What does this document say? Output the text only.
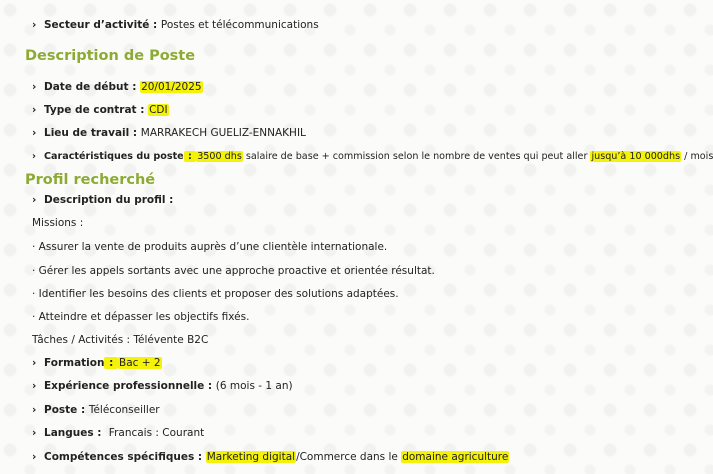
› Secteur d’activité : Postes et télécommunications
Description de Poste
› Date de début : 20/01/2025
› Type de contrat : CDI
› Lieu de travail : MARRAKECH GUELIZ-ENNAKHIL
› Caractéristiques du poste : 3500 dhs salaire de base + commission selon le nombre de ventes qui peut aller jusqu’à 10 000dhs / mois
Profil recherché
› Description du profil :
Missions :
· Assurer la vente de produits auprès d’une clientèle internationale.
· Gérer les appels sortants avec une approche proactive et orientée résultat.
· Identifier les besoins des clients et proposer des solutions adaptées.
· Atteindre et dépasser les objectifs fixés.
Tâches / Activités : Télévente B2C
› Formation : Bac + 2
› Expérience professionnelle : (6 mois - 1 an)
› Poste : Téléconseiller
› Langues :  Francais : Courant
› Compétences spécifiques : Marketing digital/Commerce dans le domaine agriculture
